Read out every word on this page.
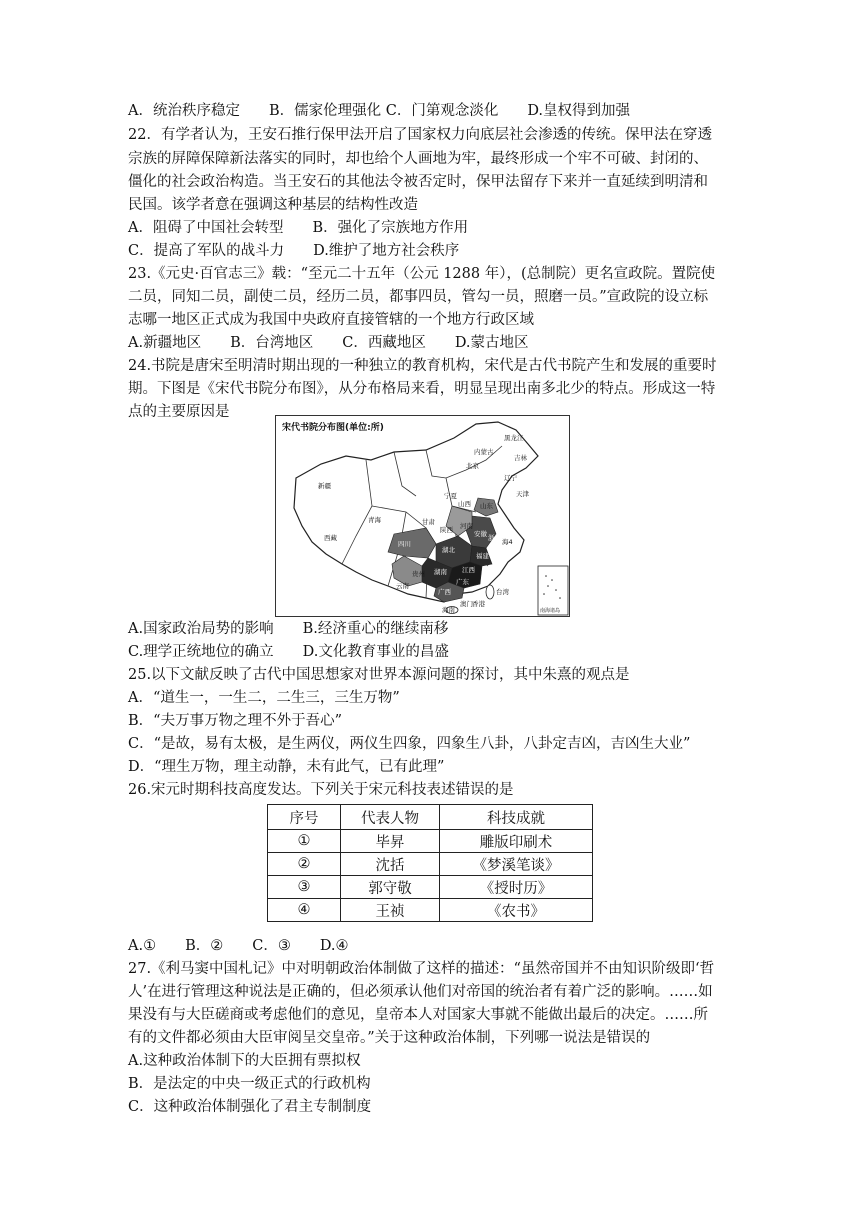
A．统治秩序稳定　　B．儒家伦理强化 C．门第观念淡化　　D.皇权得到加强
22．有学者认为，王安石推行保甲法开启了国家权力向底层社会渗透的传统。保甲法在穿透
宗族的屏障保障新法落实的同时，却也给个人画地为牢，最终形成一个牢不可破、封闭的、
僵化的社会政治构造。当王安石的其他法令被否定时，保甲法留存下来并一直延续到明清和
民国。该学者意在强调这种基层的结构性改造
A．阻碍了中国社会转型　　B．强化了宗族地方作用
C．提高了军队的战斗力　　D.维护了地方社会秩序
23.《元史·百官志三》载：“至元二十五年（公元 1288 年），(总制院）更名宣政院。置院使
二员，同知二员，副使二员，经历二员，都事四员，管勾一员，照磨一员。”宣政院的设立标
志哪一地区正式成为我国中央政府直接管辖的一个地方行政区域
A.新疆地区　　B．台湾地区　　C．西藏地区　　D.蒙古地区
24.书院是唐宋至明清时期出现的一种独立的教育机构，宋代是古代书院产生和发展的重要时
期。下图是《宋代书院分布图》，从分布格局来看，明显呈现出南多北少的特点。形成这一特
点的主要原因是
宋代书院分布图(单位:所)
黑龙江
内蒙古
吉林
北京
辽宁
天津
新疆
宁夏
山西
青海	甘肃
陕西
山东
河南
西藏
四川
湖北
安徽 浙江
贵州 湖南 江西
福建
云南
广西
广东
台湾
海南
澳门 香港
海4
南海诸岛
A.国家政治局势的影响　　B.经济重心的继续南移
C.理学正统地位的确立　　D.文化教育事业的昌盛
25.以下文献反映了古代中国思想家对世界本源问题的探讨，其中朱熹的观点是
A．“道生一，一生二，二生三，三生万物”
B．“夫万事万物之理不外于吾心”
C．“是故，易有太极，是生两仪，两仪生四象，四象生八卦，八卦定吉凶，吉凶生大业”
D．“理生万物，理主动静，未有此气，已有此理”
26.宋元时期科技高度发达。下列关于宋元科技表述错误的是
序号	代表人物	科技成就
①	毕昇	雕版印刷术
②	沈括	《梦溪笔谈》
③	郭守敬	《授时历》
④	王祯	《农书》
A.①　　B．②　　C．③　　D.④
27.《利马窦中国札记》中对明朝政治体制做了这样的描述：“虽然帝国并不由知识阶级即‘哲
人’在进行管理这种说法是正确的，但必须承认他们对帝国的统治者有着广泛的影响。……如
果没有与大臣磋商或考虑他们的意见，皇帝本人对国家大事就不能做出最后的决定。……所
有的文件都必须由大臣审阅呈交皇帝。”关于这种政治体制，下列哪一说法是错误的
A.这种政治体制下的大臣拥有票拟权
B．是法定的中央一级正式的行政机构
C．这种政治体制强化了君主专制制度
